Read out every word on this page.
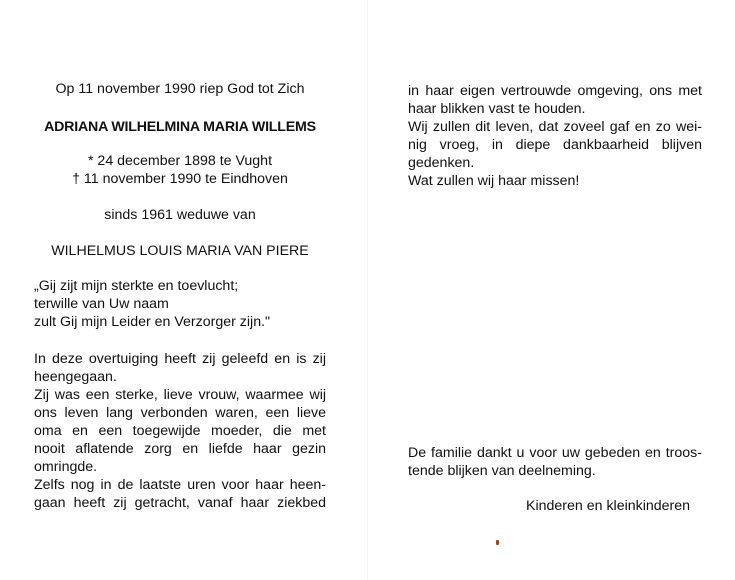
Op 11 november 1990 riep God tot Zich
ADRIANA WILHELMINA MARIA WILLEMS
* 24 december 1898 te Vught
† 11 november 1990 te Eindhoven
sinds 1961 weduwe van
WILHELMUS LOUIS MARIA VAN PIERE
„Gij zijt mijn sterkte en toevlucht;
terwille van Uw naam
zult Gij mijn Leider en Verzorger zijn."
In deze overtuiging heeft zij geleefd en is zij
heengegaan.
Zij was een sterke, lieve vrouw, waarmee wij
ons leven lang verbonden waren, een lieve
oma en een toegewijde moeder, die met
nooit aflatende zorg en liefde haar gezin
omringde.
Zelfs nog in de laatste uren voor haar heen-
gaan heeft zij getracht, vanaf haar ziekbed
in haar eigen vertrouwde omgeving, ons met
haar blikken vast te houden.
Wij zullen dit leven, dat zoveel gaf en zo wei-
nig vroeg, in diepe dankbaarheid blijven
gedenken.
Wat zullen wij haar missen!
De familie dankt u voor uw gebeden en troos-
tende blijken van deelneming.
Kinderen en kleinkinderen
